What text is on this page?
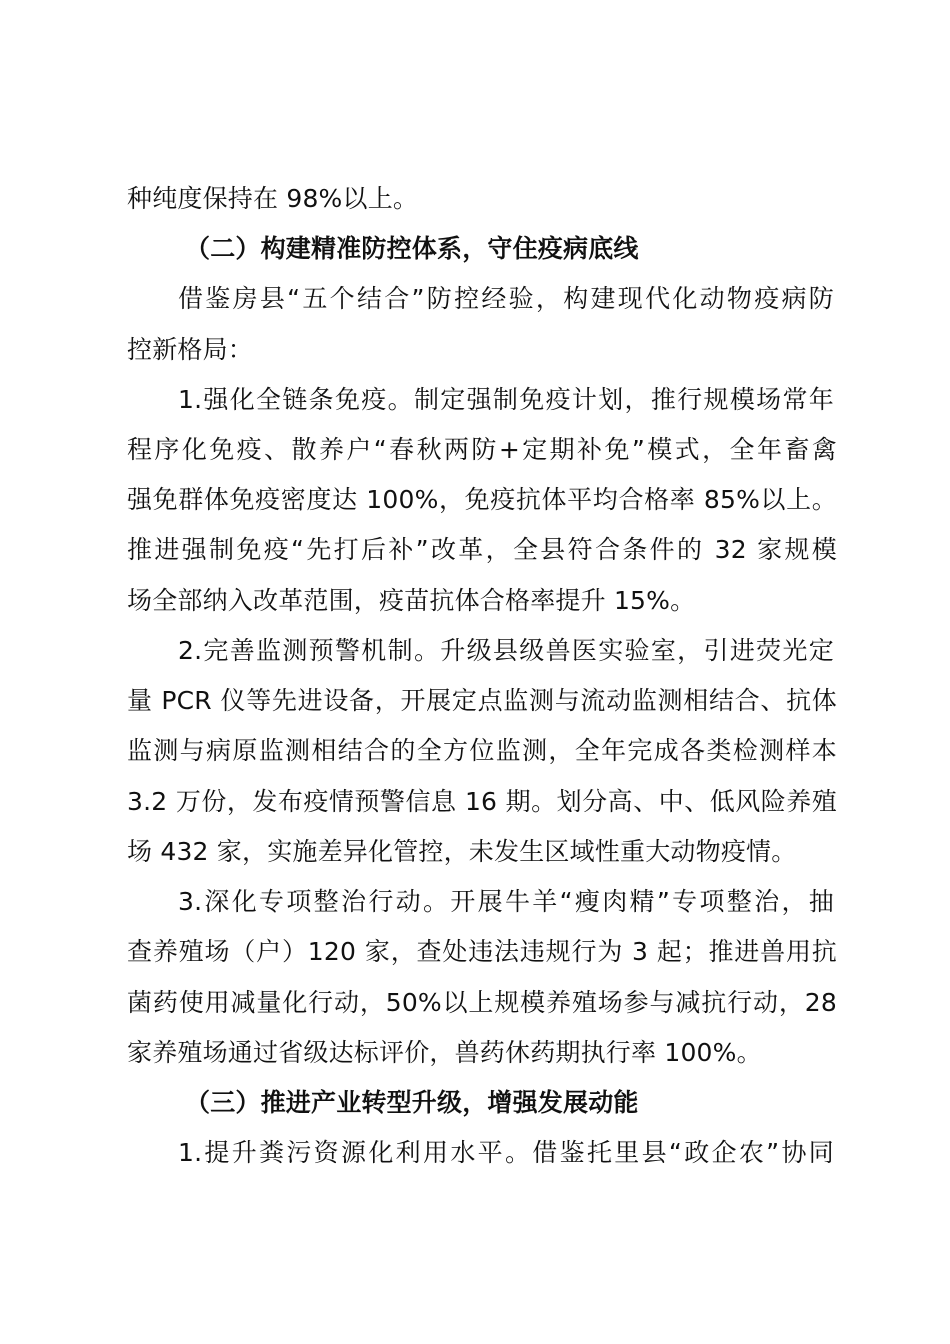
种纯度保持在 98%以上。
（二）构建精准防控体系，守住疫病底线
借鉴房县“五个结合”防控经验，构建现代化动物疫病防
控新格局：
1.强化全链条免疫。制定强制免疫计划，推行规模场常年
程序化免疫、散养户“春秋两防+定期补免”模式，全年畜禽
强免群体免疫密度达 100%，免疫抗体平均合格率 85%以上。
推进强制免疫“先打后补”改革，全县符合条件的 32 家规模
场全部纳入改革范围，疫苗抗体合格率提升 15%。
2.完善监测预警机制。升级县级兽医实验室，引进荧光定
量 PCR 仪等先进设备，开展定点监测与流动监测相结合、抗体
监测与病原监测相结合的全方位监测，全年完成各类检测样本
3.2 万份，发布疫情预警信息 16 期。划分高、中、低风险养殖
场 432 家，实施差异化管控，未发生区域性重大动物疫情。
3.深化专项整治行动。开展牛羊“瘦肉精”专项整治，抽
查养殖场（户）120 家，查处违法违规行为 3 起；推进兽用抗
菌药使用减量化行动，50%以上规模养殖场参与减抗行动，28
家养殖场通过省级达标评价，兽药休药期执行率 100%。
（三）推进产业转型升级，增强发展动能
1.提升粪污资源化利用水平。借鉴托里县“政企农”协同
